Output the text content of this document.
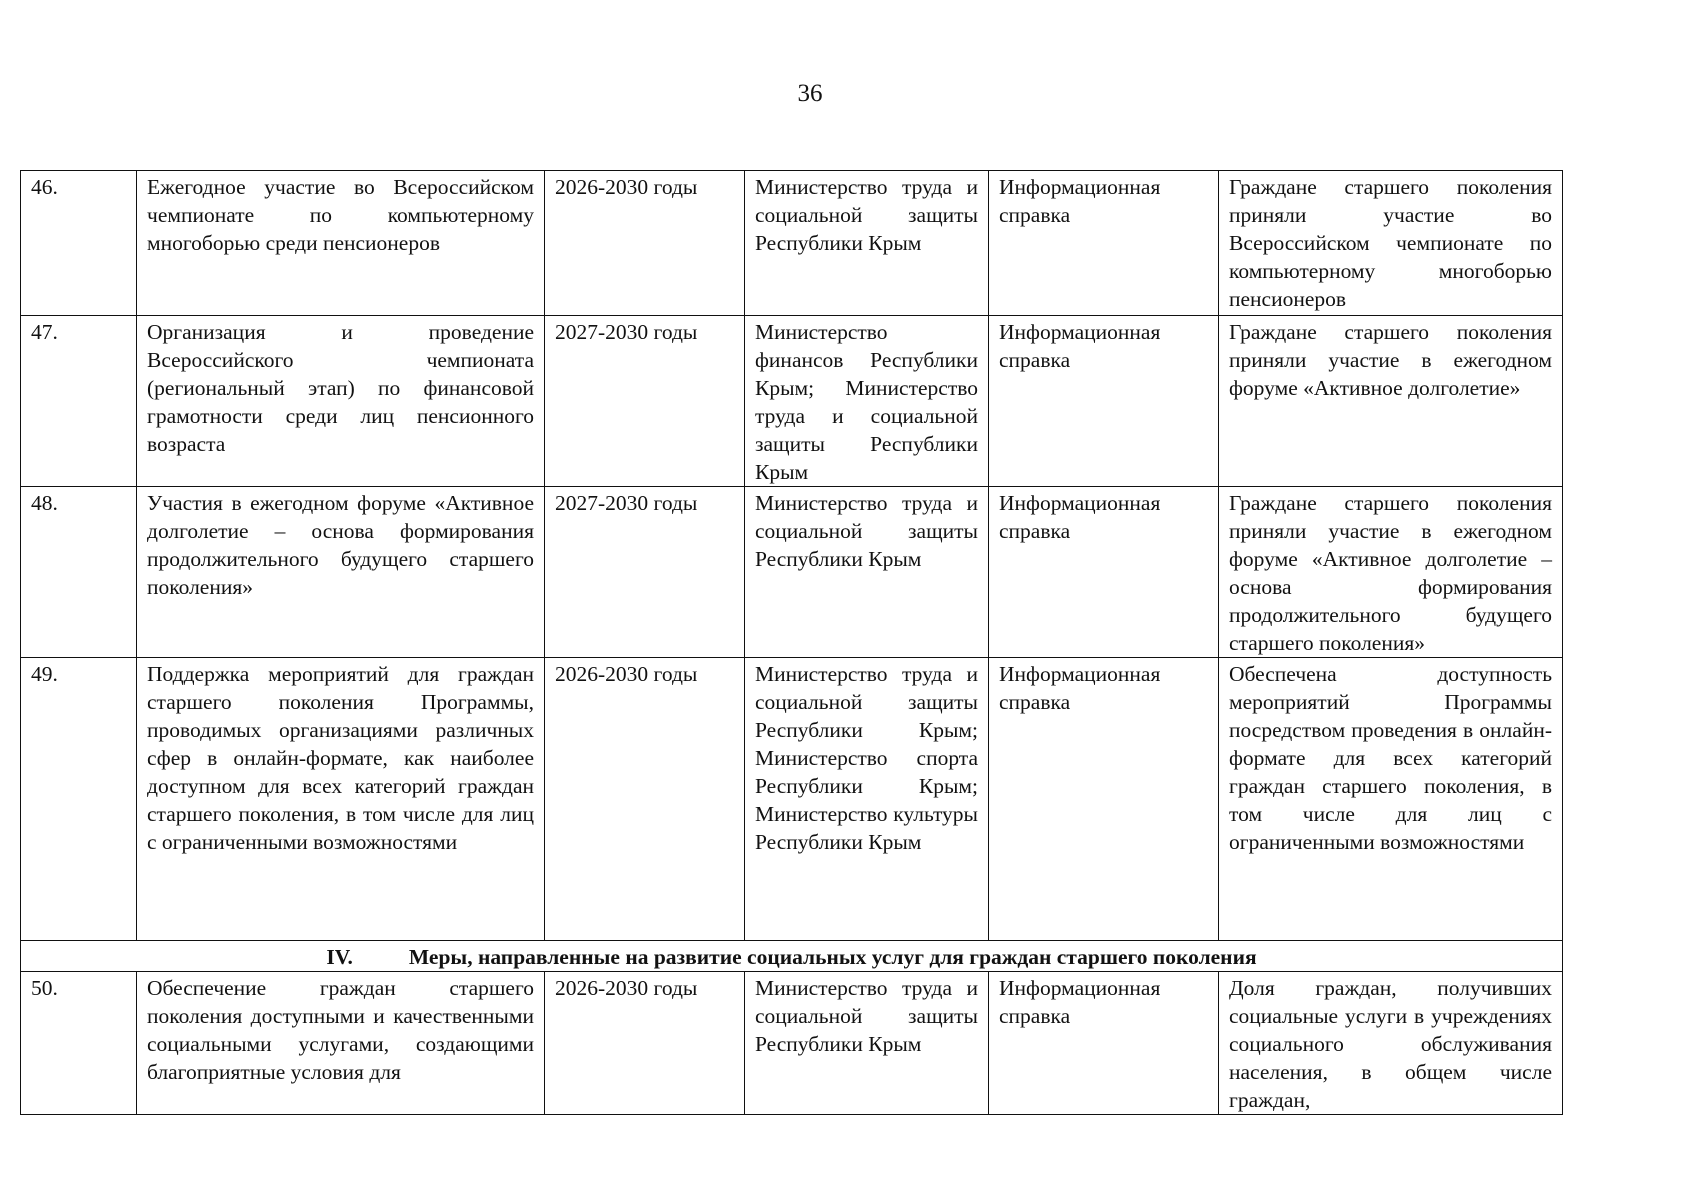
36
46.	Ежегодное участие во Всероссийском чемпионате по компьютерному многоборью среди пенсионеров	2026-2030 годы	Министерство труда и социальной защиты Республики Крым	Информационная справка	Граждане старшего поколения приняли участие во Всероссийском чемпионате по компьютерному многоборью пенсионеров
47.	Организация и проведение Всероссийского чемпионата (региональный этап) по финансовой грамотности среди лиц пенсионного возраста	2027-2030 годы	Министерство финансов Республики Крым; Министерство труда и социальной защиты Республики Крым	Информационная справка	Граждане старшего поколения приняли участие в ежегодном форуме «Активное долголетие»
48.	Участия в ежегодном форуме «Активное долголетие – основа формирования продолжительного будущего старшего поколения»	2027-2030 годы	Министерство труда и социальной защиты Республики Крым	Информационная справка	Граждане старшего поколения приняли участие в ежегодном форуме «Активное долголетие – основа формирования продолжительного будущего старшего поколения»
49.	Поддержка мероприятий для граждан старшего поколения Программы, проводимых организациями различных сфер в онлайн-формате, как наиболее доступном для всех категорий граждан старшего поколения, в том числе для лиц с ограниченными возможностями	2026-2030 годы	Министерство труда и социальной защиты Республики Крым; Министерство спорта Республики Крым; Министерство культуры Республики Крым	Информационная справка	Обеспечена доступность мероприятий Программы посредством проведения в онлайн-формате для всех категорий граждан старшего поколения, в том числе для лиц с ограниченными возможностями
IV. Меры, направленные на развитие социальных услуг для граждан старшего поколения					
50.	Обеспечение граждан старшего поколения доступными и качественными социальными услугами, создающими благоприятные условия для	2026-2030 годы	Министерство труда и социальной защиты Республики Крым	Информационная справка	Доля граждан, получивших социальные услуги в учреждениях социального обслуживания населения, в общем числе граждан,
